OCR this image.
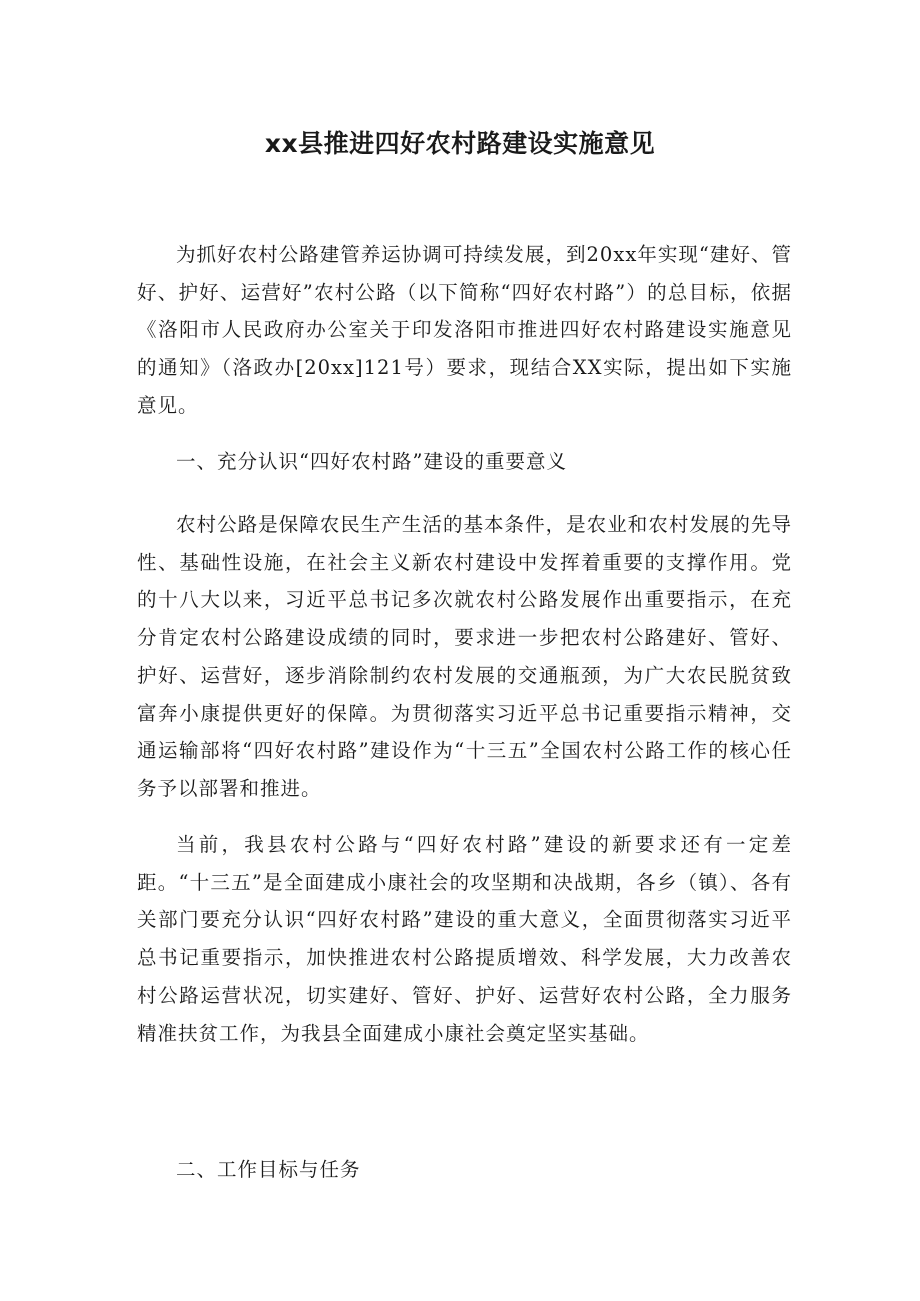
xx县推进四好农村路建设实施意见

为抓好农村公路建管养运协调可持续发展，到20xx年实现“建好、管好、护好、运营好”农村公路（以下简称“四好农村路”）的总目标，依据《洛阳市人民政府办公室关于印发洛阳市推进四好农村路建设实施意见的通知》（洛政办[20xx]121号）要求，现结合XX实际，提出如下实施意见。

一、充分认识“四好农村路”建设的重要意义

农村公路是保障农民生产生活的基本条件，是农业和农村发展的先导性、基础性设施，在社会主义新农村建设中发挥着重要的支撑作用。党的十八大以来，习近平总书记多次就农村公路发展作出重要指示，在充分肯定农村公路建设成绩的同时，要求进一步把农村公路建好、管好、护好、运营好，逐步消除制约农村发展的交通瓶颈，为广大农民脱贫致富奔小康提供更好的保障。为贯彻落实习近平总书记重要指示精神，交通运输部将“四好农村路”建设作为“十三五”全国农村公路工作的核心任务予以部署和推进。

当前，我县农村公路与“四好农村路”建设的新要求还有一定差距。“十三五”是全面建成小康社会的攻坚期和决战期，各乡（镇）、各有关部门要充分认识“四好农村路”建设的重大意义，全面贯彻落实习近平总书记重要指示，加快推进农村公路提质增效、科学发展，大力改善农村公路运营状况，切实建好、管好、护好、运营好农村公路，全力服务精准扶贫工作，为我县全面建成小康社会奠定坚实基础。

二、工作目标与任务
